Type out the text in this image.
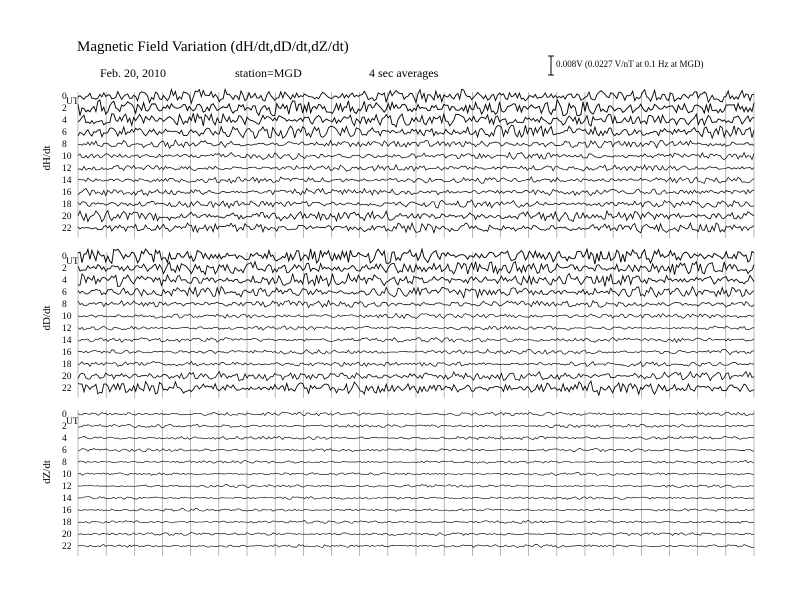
Magnetic Field Variation (dH/dt,dD/dt,dZ/dt)
Feb. 20, 2010	station=MGD	4 sec averages
0.008V (0.0227 V/nT at 0.1 Hz at MGD)
UT
dH/dt
0
2
4
6
8
10
12
14
16
18
20
22
UT
dD/dt
0
2
4
6
8
10
12
14
16
18
20
22
UT
dZ/dt
0
2
4
6
8
10
12
14
16
18
20
22
